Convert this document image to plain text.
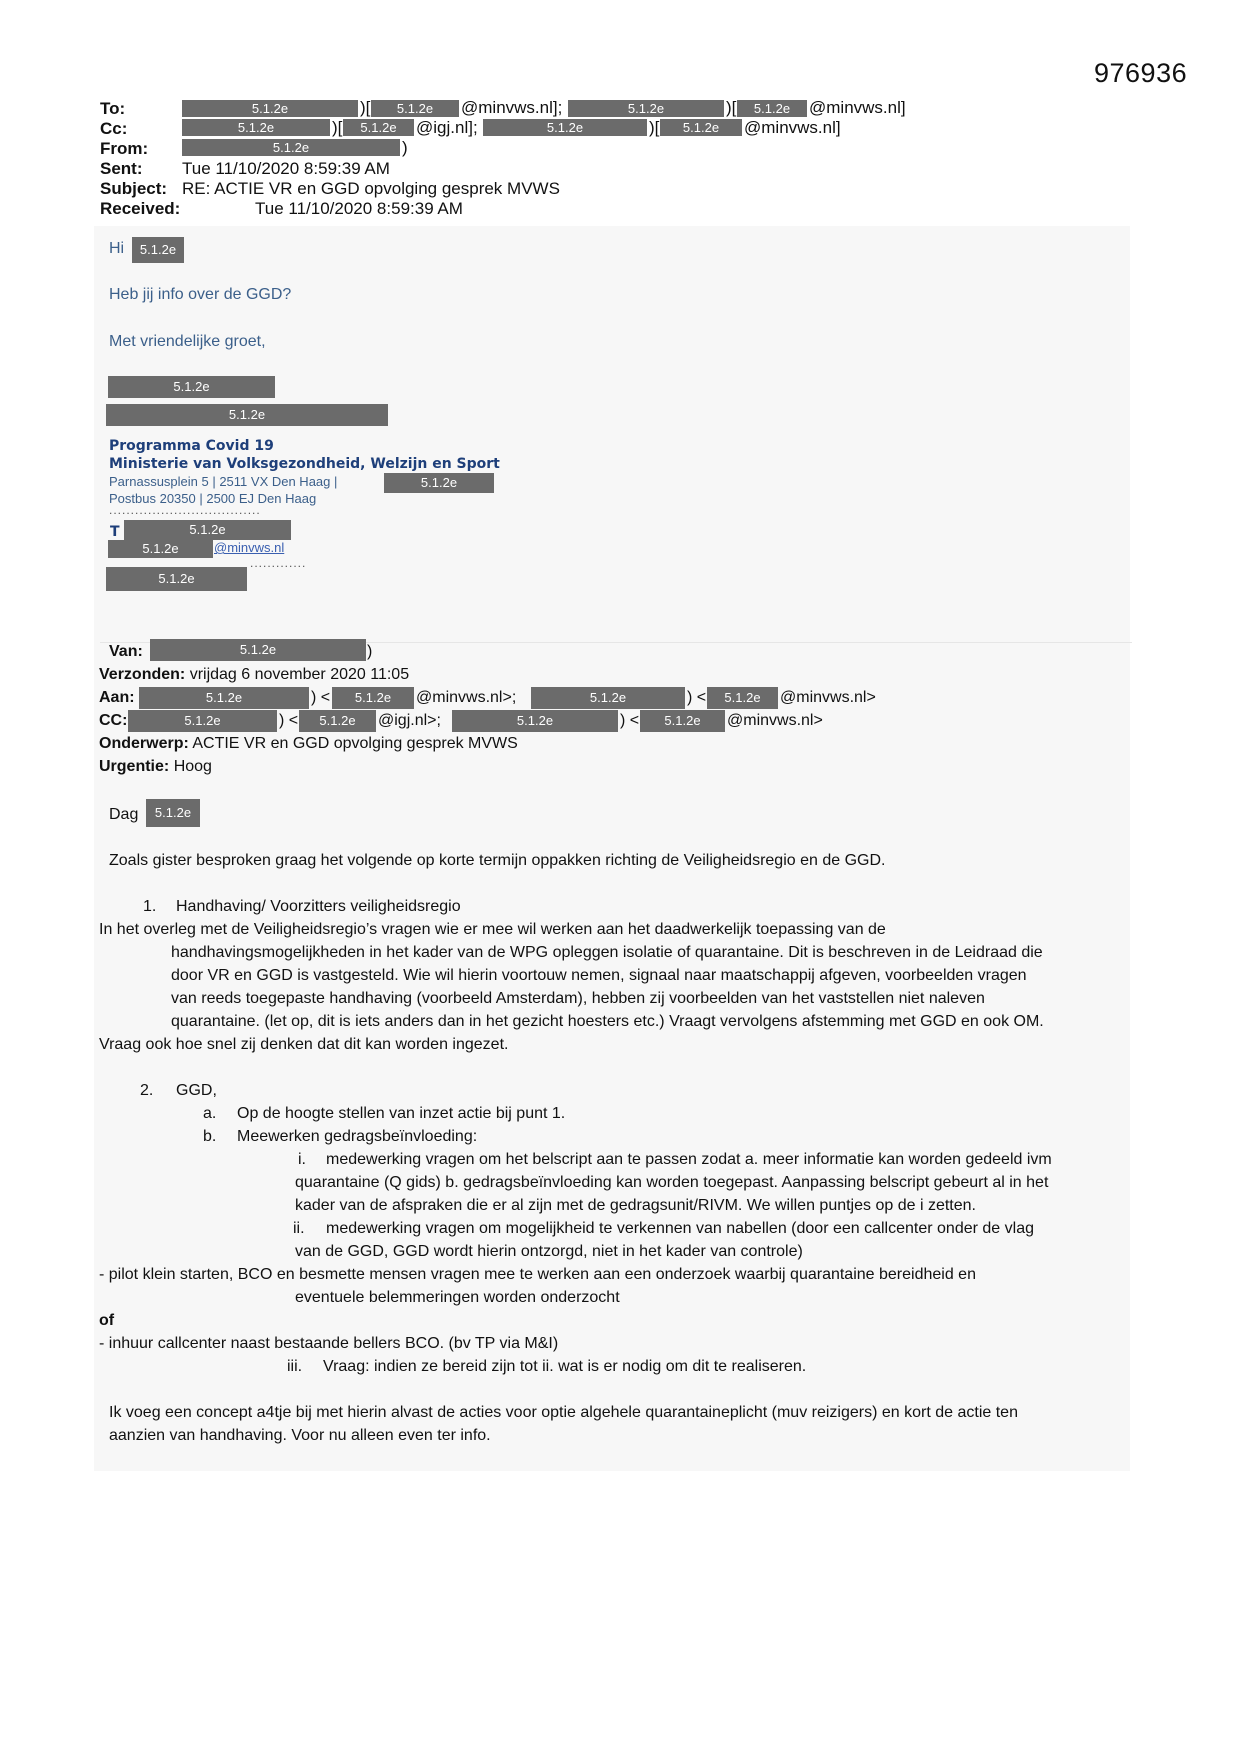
976936
To:	5.1.2e	)[	5.1.2e	@minvws.nl];	5.1.2e	)[	5.1.2e	@minvws.nl]
Cc:	5.1.2e	)[	5.1.2e	@igj.nl];	5.1.2e	)[	5.1.2e	@minvws.nl]
From:	5.1.2e	)
Sent: Tue 11/10/2020 8:59:39 AM
Subject: RE: ACTIE VR en GGD opvolging gesprek MVWS
Received:	Tue 11/10/2020 8:59:39 AM
Hi	5.1.2e
Heb jij info over de GGD?
Met vriendelijke groet,
5.1.2e
5.1.2e
Programma Covid 19
Ministerie van Volksgezondheid, Welzijn en Sport
Parnassusplein 5 | 2511 VX Den Haag |	5.1.2e
Postbus 20350 | 2500 EJ Den Haag
...................................
T	5.1.2e
5.1.2e	@minvws.nl
.............
5.1.2e
Van:	5.1.2e	)
Verzonden: vrijdag 6 november 2020 11:05
Aan:	5.1.2e	) <	5.1.2e	@minvws.nl>;	5.1.2e	) <	5.1.2e	@minvws.nl>
CC:	5.1.2e	) <	5.1.2e	@igj.nl>;	5.1.2e	) <	5.1.2e	@minvws.nl>
Onderwerp: ACTIE VR en GGD opvolging gesprek MVWS
Urgentie: Hoog
Dag	5.1.2e
Zoals gister besproken graag het volgende op korte termijn oppakken richting de Veiligheidsregio en de GGD.
1. Handhaving/ Voorzitters veiligheidsregio
In het overleg met de Veiligheidsregio’s vragen wie er mee wil werken aan het daadwerkelijk toepassing van de
handhavingsmogelijkheden in het kader van de WPG opleggen isolatie of quarantaine. Dit is beschreven in de Leidraad die
door VR en GGD is vastgesteld. Wie wil hierin voortouw nemen, signaal naar maatschappij afgeven, voorbeelden vragen
van reeds toegepaste handhaving (voorbeeld Amsterdam), hebben zij voorbeelden van het vaststellen niet naleven
quarantaine. (let op, dit is iets anders dan in het gezicht hoesters etc.) Vraagt vervolgens afstemming met GGD en ook OM.
Vraag ook hoe snel zij denken dat dit kan worden ingezet.
2. GGD,
a. Op de hoogte stellen van inzet actie bij punt 1.
b. Meewerken gedragsbeïnvloeding:
i. medewerking vragen om het belscript aan te passen zodat a. meer informatie kan worden gedeeld ivm
quarantaine (Q gids) b. gedragsbeïnvloeding kan worden toegepast. Aanpassing belscript gebeurt al in het
kader van de afspraken die er al zijn met de gedragsunit/RIVM. We willen puntjes op de i zetten.
ii. medewerking vragen om mogelijkheid te verkennen van nabellen (door een callcenter onder de vlag
van de GGD, GGD wordt hierin ontzorgd, niet in het kader van controle)
- pilot klein starten, BCO en besmette mensen vragen mee te werken aan een onderzoek waarbij quarantaine bereidheid en
eventuele belemmeringen worden onderzocht
of
- inhuur callcenter naast bestaande bellers BCO. (bv TP via M&I)
iii. Vraag: indien ze bereid zijn tot ii. wat is er nodig om dit te realiseren.
Ik voeg een concept a4tje bij met hierin alvast de acties voor optie algehele quarantaineplicht (muv reizigers) en kort de actie ten
aanzien van handhaving. Voor nu alleen even ter info.
